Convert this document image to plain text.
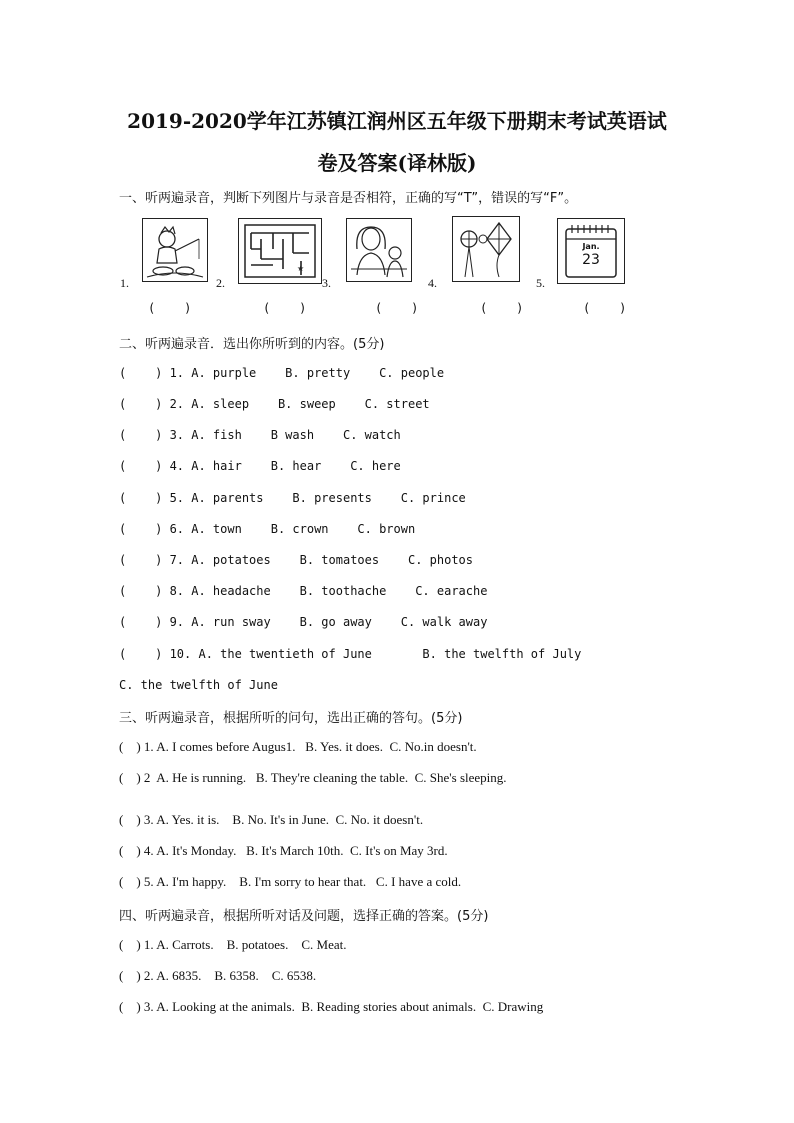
2019-2020学年江苏镇江润州区五年级下册期末考试英语试
卷及答案(译林版)
一、听两遍录音，判断下列图片与录音是否相符，正确的写“T”，错误的写“F”。
1.
(    )
2.
★
(    )
3.
(    )
4.
(    )
5.
Jan.
23
(    )
二、听两遍录音．选出你所听到的内容。(5分)
(    ) 1. A. purple    B. pretty    C. people
(    ) 2. A. sleep    B. sweep    C. street
(    ) 3. A. fish    B wash    C. watch
(    ) 4. A. hair    B. hear    C. here
(    ) 5. A. parents    B. presents    C. prince
(    ) 6. A. town    B. crown    C. brown
(    ) 7. A. potatoes    B. tomatoes    C. photos
(    ) 8. A. headache    B. toothache    C. earache
(    ) 9. A. run sway    B. go away    C. walk away
(    ) 10. A. the twentieth of June       B. the twelfth of July
C. the twelfth of June
三、听两遍录音，根据所听的问句，选出正确的答句。(5分)
(    ) 1. A. I comes before Augus1.   B. Yes. it does.  C. No.in doesn't.
(    ) 2  A. He is running.   B. They're cleaning the table.  C. She's sleeping.
(    ) 3. A. Yes. it is.    B. No. It's in June.  C. No. it doesn't.
(    ) 4. A. It's Monday.   B. It's March 10th.  C. It's on May 3rd.
(    ) 5. A. I'm happy.    B. I'm sorry to hear that.   C. I have a cold.
四、听两遍录音，根据所听对话及问题，选择正确的答案。(5分)
(    ) 1. A. Carrots.    B. potatoes.    C. Meat.
(    ) 2. A. 6835.    B. 6358.    C. 6538.
(    ) 3. A. Looking at the animals.  B. Reading stories about animals.  C. Drawing
